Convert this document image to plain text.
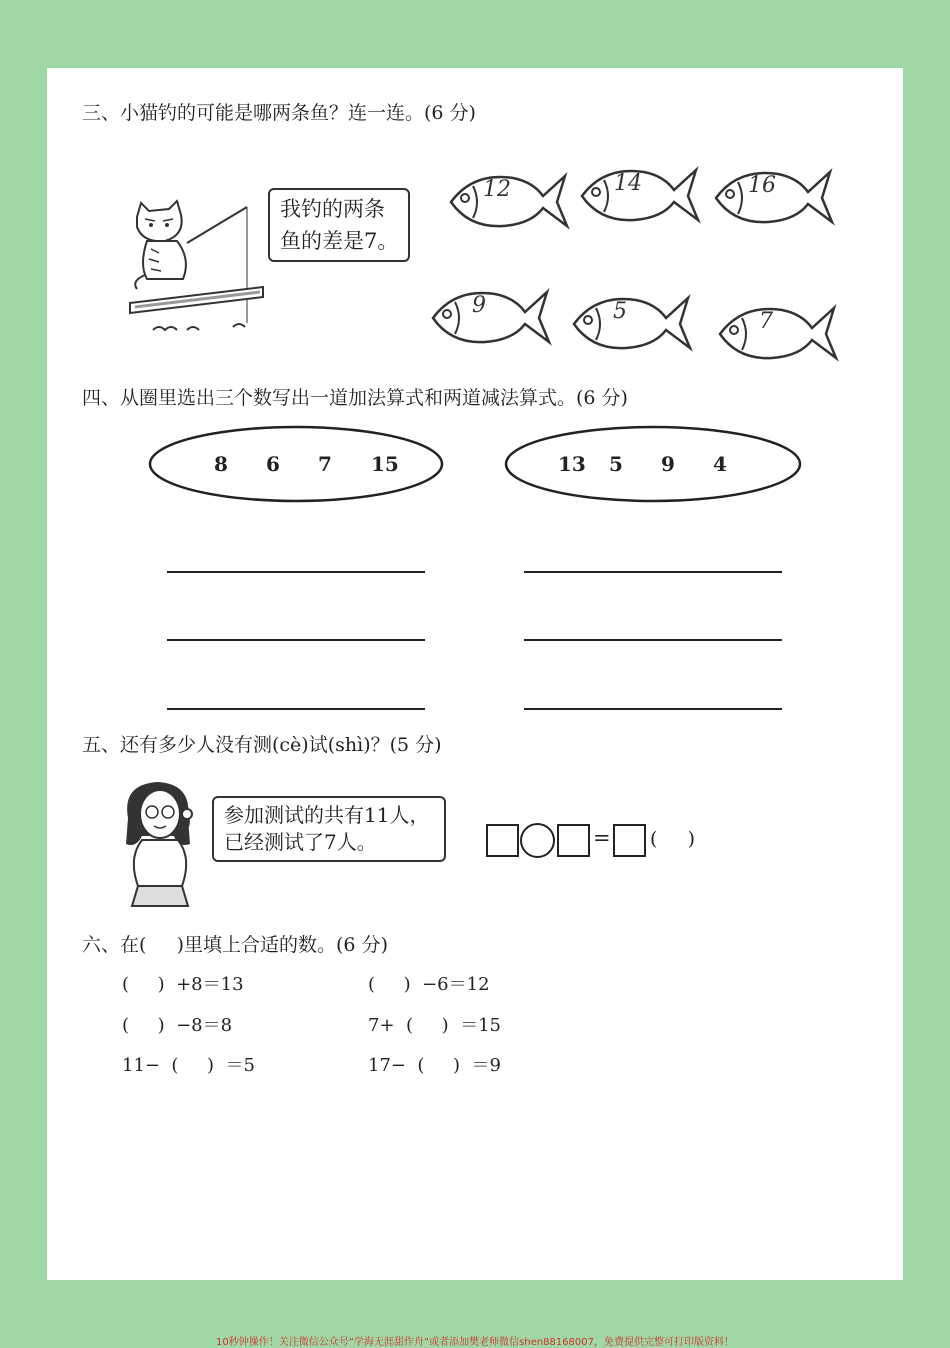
三、小猫钓的可能是哪两条鱼？连一连。(6 分)
我钓的两条
鱼的差是7。
12	14	16
9	5	7
四、从圈里选出三个数写出一道加法算式和两道减法算式。(6 分)
8 6 7 15	13 5 9 4
五、还有多少人没有测(cè)试(shì)？(5 分)
参加测试的共有11人，
已经测试了7人。	= (     )
六、在(     )里填上合适的数。(6 分)
(     )  +8＝13	(     )  −6＝12
(     )  −8＝8	7+  (     )  ＝15
11−  (     )  ＝5	17−  (     )  ＝9
10秒钟操作！关注微信公众号“学海无涯甜作舟”或者添加樊老师微信shen88168007，免费提供完整可打印版资料！
